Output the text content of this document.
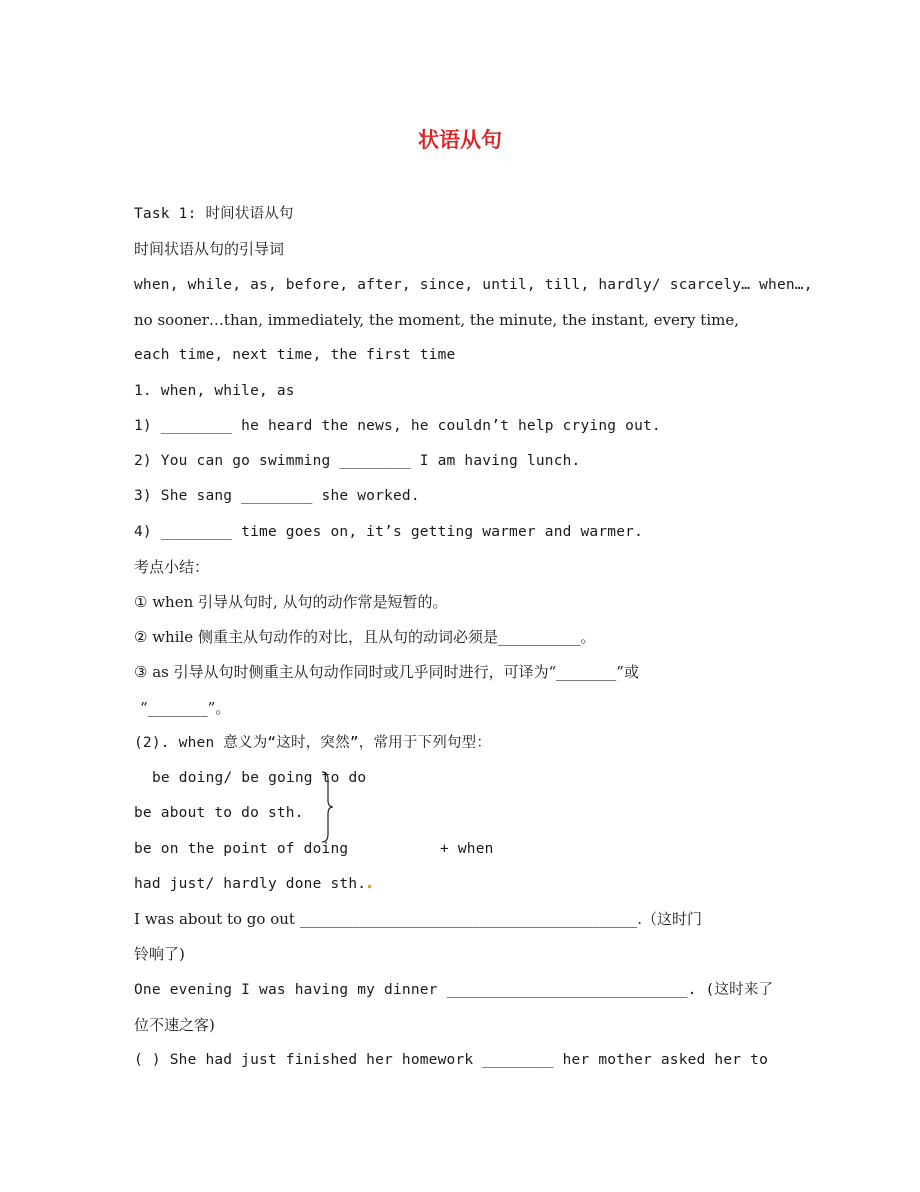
状语从句
Task 1: 时间状语从句
时间状语从句的引导词
when, while, as, before, after, since, until, till, hardly/ scarcely… when…,
no sooner…than, immediately, the moment, the minute, the instant, every time,
each time, next time, the first time
1. when, while, as
1) ________ he heard the news, he couldn’t help crying out.
2) You can go swimming ________ I am having lunch.
3) She sang ________ she worked.
4) ________ time goes on, it’s getting warmer and warmer.
考点小结：
① when 引导从句时, 从句的动作常是短暂的。
② while 侧重主从句动作的对比，且从句的动词必须是___________。
③ as 引导从句时侧重主从句动作同时或几乎同时进行，可译为“________”或
“________”。
(2). when 意义为“这时，突然”，常用于下列句型：
be doing/ be going to do
be about to do sth.
be on the point of doing
had just/ hardly done sth.
+ when
I was about to go out _____________________________________________.（这时门
铃响了)
One evening I was having my dinner ___________________________. (这时来了
位不速之客)
( ) She had just finished her homework ________ her mother asked her to
